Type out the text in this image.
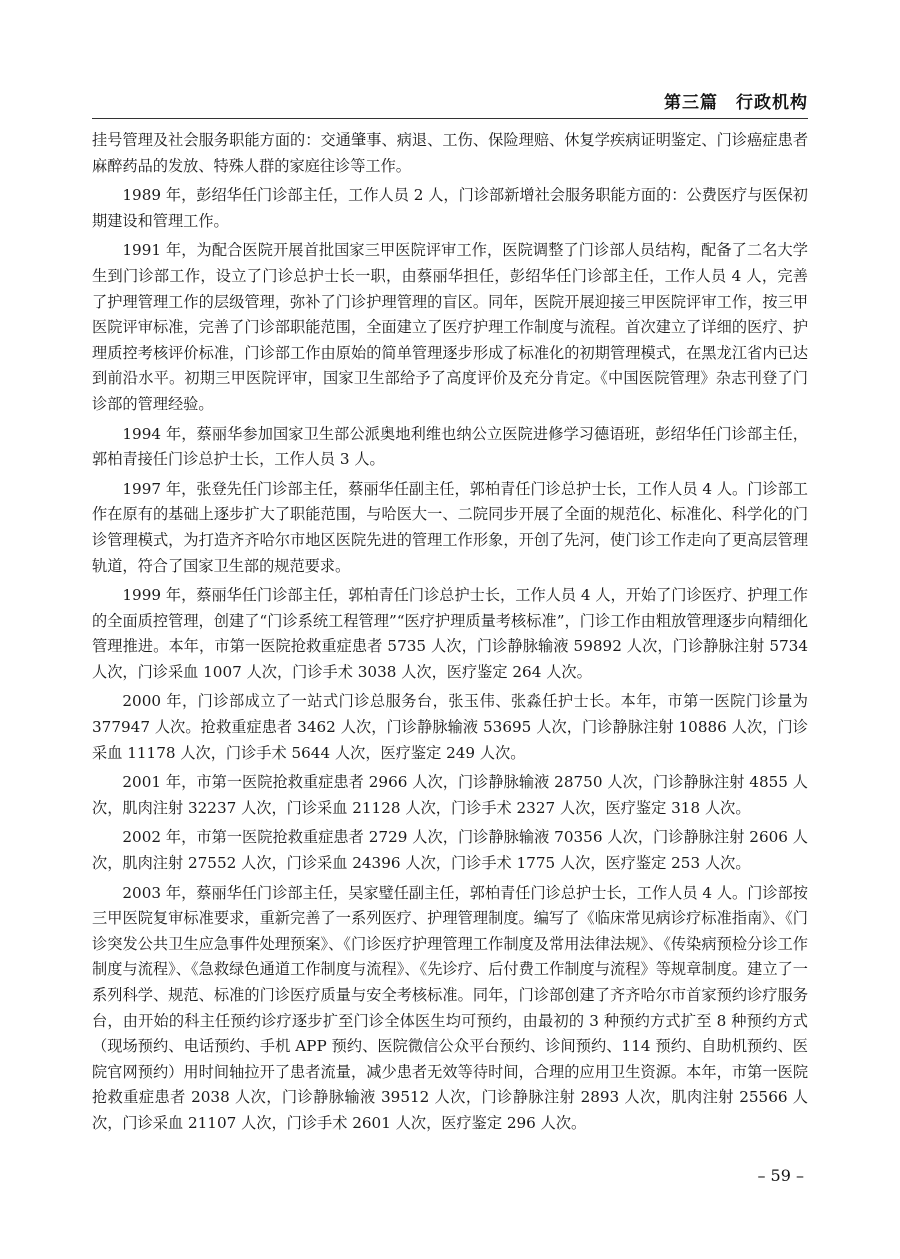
第三篇　行政机构

挂号管理及社会服务职能方面的：交通肇事、病退、工伤、保险理赔、休复学疾病证明鉴定、门诊癌症患者麻醉药品的发放、特殊人群的家庭往诊等工作。

1989 年，彭绍华任门诊部主任，工作人员 2 人，门诊部新增社会服务职能方面的：公费医疗与医保初期建设和管理工作。

1991 年，为配合医院开展首批国家三甲医院评审工作，医院调整了门诊部人员结构，配备了二名大学生到门诊部工作，设立了门诊总护士长一职，由蔡丽华担任，彭绍华任门诊部主任，工作人员 4 人，完善了护理管理工作的层级管理，弥补了门诊护理管理的盲区。同年，医院开展迎接三甲医院评审工作，按三甲医院评审标准，完善了门诊部职能范围，全面建立了医疗护理工作制度与流程。首次建立了详细的医疗、护理质控考核评价标准，门诊部工作由原始的简单管理逐步形成了标准化的初期管理模式，在黑龙江省内已达到前沿水平。初期三甲医院评审，国家卫生部给予了高度评价及充分肯定。《中国医院管理》杂志刊登了门诊部的管理经验。

1994 年，蔡丽华参加国家卫生部公派奥地利维也纳公立医院进修学习德语班，彭绍华任门诊部主任，郭柏青接任门诊总护士长，工作人员 3 人。

1997 年，张登先任门诊部主任，蔡丽华任副主任，郭柏青任门诊总护士长，工作人员 4 人。门诊部工作在原有的基础上逐步扩大了职能范围，与哈医大一、二院同步开展了全面的规范化、标准化、科学化的门诊管理模式，为打造齐齐哈尔市地区医院先进的管理工作形象，开创了先河，使门诊工作走向了更高层管理轨道，符合了国家卫生部的规范要求。

1999 年，蔡丽华任门诊部主任，郭柏青任门诊总护士长，工作人员 4 人，开始了门诊医疗、护理工作的全面质控管理，创建了“门诊系统工程管理”“医疗护理质量考核标准”，门诊工作由粗放管理逐步向精细化管理推进。本年，市第一医院抢救重症患者 5735 人次，门诊静脉输液 59892 人次，门诊静脉注射 5734 人次，门诊采血 1007 人次，门诊手术 3038 人次，医疗鉴定 264 人次。

2000 年，门诊部成立了一站式门诊总服务台，张玉伟、张淼任护士长。本年，市第一医院门诊量为 377947 人次。抢救重症患者 3462 人次，门诊静脉输液 53695 人次，门诊静脉注射 10886 人次，门诊采血 11178 人次，门诊手术 5644 人次，医疗鉴定 249 人次。

2001 年，市第一医院抢救重症患者 2966 人次，门诊静脉输液 28750 人次，门诊静脉注射 4855 人次，肌肉注射 32237 人次，门诊采血 21128 人次，门诊手术 2327 人次，医疗鉴定 318 人次。

2002 年，市第一医院抢救重症患者 2729 人次，门诊静脉输液 70356 人次，门诊静脉注射 2606 人次，肌肉注射 27552 人次，门诊采血 24396 人次，门诊手术 1775 人次，医疗鉴定 253 人次。

2003 年，蔡丽华任门诊部主任，吴家璧任副主任，郭柏青任门诊总护士长，工作人员 4 人。门诊部按三甲医院复审标准要求，重新完善了一系列医疗、护理管理制度。编写了《临床常见病诊疗标准指南》、《门诊突发公共卫生应急事件处理预案》、《门诊医疗护理管理工作制度及常用法律法规》、《传染病预检分诊工作制度与流程》、《急救绿色通道工作制度与流程》、《先诊疗、后付费工作制度与流程》等规章制度。建立了一系列科学、规范、标准的门诊医疗质量与安全考核标准。同年，门诊部创建了齐齐哈尔市首家预约诊疗服务台，由开始的科主任预约诊疗逐步扩至门诊全体医生均可预约，由最初的 3 种预约方式扩至 8 种预约方式（现场预约、电话预约、手机 APP 预约、医院微信公众平台预约、诊间预约、114 预约、自助机预约、医院官网预约）用时间轴拉开了患者流量，减少患者无效等待时间，合理的应用卫生资源。本年，市第一医院抢救重症患者 2038 人次，门诊静脉输液 39512 人次，门诊静脉注射 2893 人次，肌肉注射 25566 人次，门诊采血 21107 人次，门诊手术 2601 人次，医疗鉴定 296 人次。

– 59 –
